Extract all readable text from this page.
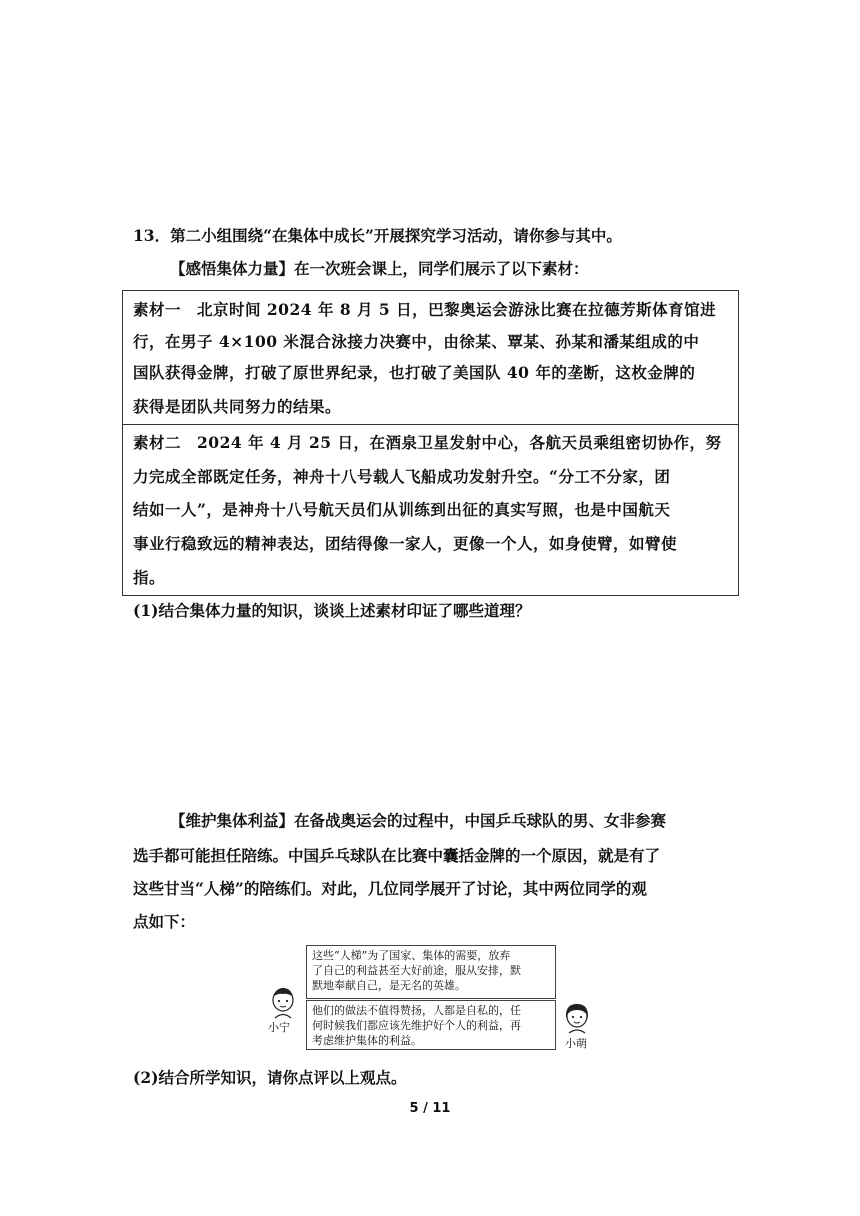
13．第二小组围绕“在集体中成长”开展探究学习活动，请你参与其中。
【感悟集体力量】在一次班会课上，同学们展示了以下素材：
素材一　北京时间 2024 年 8 月 5 日，巴黎奥运会游泳比赛在拉德芳斯体育馆进
行，在男子 4×100 米混合泳接力决赛中，由徐某、覃某、孙某和潘某组成的中
国队获得金牌，打破了原世界纪录，也打破了美国队 40 年的垄断，这枚金牌的
获得是团队共同努力的结果。
素材二　2024 年 4 月 25 日，在酒泉卫星发射中心，各航天员乘组密切协作，努
力完成全部既定任务，神舟十八号载人飞船成功发射升空。“分工不分家，团
结如一人”，是神舟十八号航天员们从训练到出征的真实写照，也是中国航天
事业行稳致远的精神表达，团结得像一家人，更像一个人，如身使臂，如臂使
指。
(1)结合集体力量的知识，谈谈上述素材印证了哪些道理？
【维护集体利益】在备战奥运会的过程中，中国乒乓球队的男、女非参赛
选手都可能担任陪练。中国乒乓球队在比赛中囊括金牌的一个原因，就是有了
这些甘当“人梯”的陪练们。对此，几位同学展开了讨论，其中两位同学的观
点如下：
这些“人梯”为了国家、集体的需要，放弃
了自己的利益甚至大好前途，服从安排，默
默地奉献自己，是无名的英雄。
他们的做法不值得赞扬，人都是自私的，任
何时候我们都应该先维护好个人的利益，再
考虑维护集体的利益。
小宁
小萌
(2)结合所学知识，请你点评以上观点。
5 / 11
